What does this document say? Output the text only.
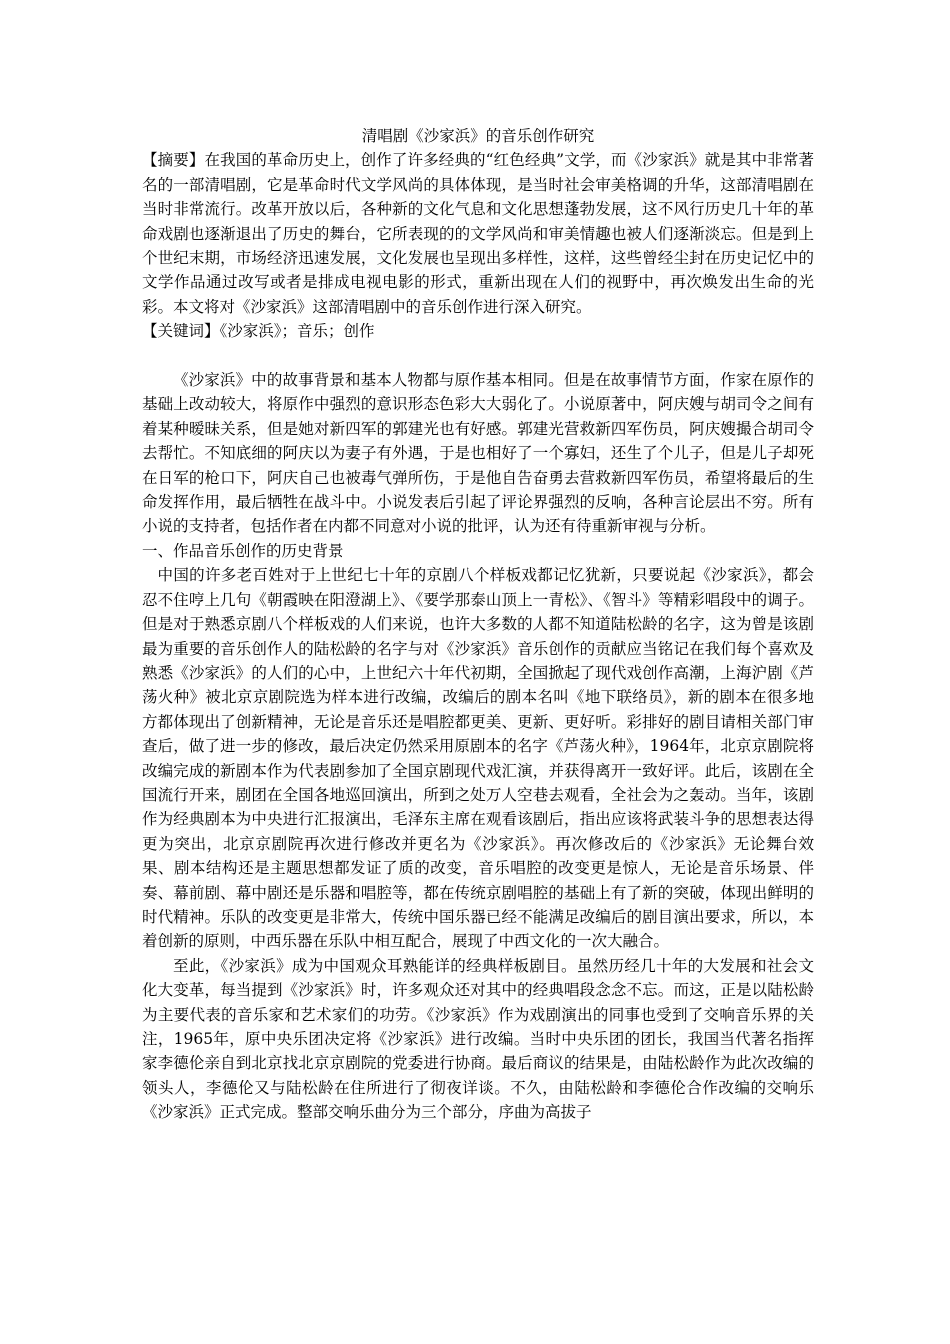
清唱剧《沙家浜》的音乐创作研究

【摘要】在我国的革命历史上，创作了许多经典的“红色经典”文学，而《沙家浜》就是其中非常著名的一部清唱剧，它是革命时代文学风尚的具体体现，是当时社会审美格调的升华，这部清唱剧在当时非常流行。改革开放以后，各种新的文化气息和文化思想蓬勃发展，这不风行历史几十年的革命戏剧也逐渐退出了历史的舞台，它所表现的的文学风尚和审美情趣也被人们逐渐淡忘。但是到上个世纪末期，市场经济迅速发展，文化发展也呈现出多样性，这样，这些曾经尘封在历史记忆中的文学作品通过改写或者是排成电视电影的形式，重新出现在人们的视野中，再次焕发出生命的光彩。本文将对《沙家浜》这部清唱剧中的音乐创作进行深入研究。

【关键词】《沙家浜》；音乐；创作

《沙家浜》中的故事背景和基本人物都与原作基本相同。但是在故事情节方面，作家在原作的基础上改动较大，将原作中强烈的意识形态色彩大大弱化了。小说原著中，阿庆嫂与胡司令之间有着某种暧昧关系，但是她对新四军的郭建光也有好感。郭建光营救新四军伤员，阿庆嫂撮合胡司令去帮忙。不知底细的阿庆以为妻子有外遇，于是也相好了一个寡妇，还生了个儿子，但是儿子却死在日军的枪口下，阿庆自己也被毒气弹所伤，于是他自告奋勇去营救新四军伤员，希望将最后的生命发挥作用，最后牺牲在战斗中。小说发表后引起了评论界强烈的反响，各种言论层出不穷。所有小说的支持者，包括作者在内都不同意对小说的批评，认为还有待重新审视与分析。

一、作品音乐创作的历史背景

中国的许多老百姓对于上世纪七十年的京剧八个样板戏都记忆犹新，只要说起《沙家浜》，都会忍不住哼上几句《朝霞映在阳澄湖上》、《要学那泰山顶上一青松》、《智斗》等精彩唱段中的调子。但是对于熟悉京剧八个样板戏的人们来说，也许大多数的人都不知道陆松龄的名字，这为曾是该剧最为重要的音乐创作人的陆松龄的名字与对《沙家浜》音乐创作的贡献应当铭记在我们每个喜欢及熟悉《沙家浜》的人们的心中，上世纪六十年代初期，全国掀起了现代戏创作高潮，上海沪剧《芦荡火种》被北京京剧院选为样本进行改编，改编后的剧本名叫《地下联络员》，新的剧本在很多地方都体现出了创新精神，无论是音乐还是唱腔都更美、更新、更好听。彩排好的剧目请相关部门审查后，做了进一步的修改，最后决定仍然采用原剧本的名字《芦荡火种》，1964年，北京京剧院将改编完成的新剧本作为代表剧参加了全国京剧现代戏汇演，并获得离开一致好评。此后，该剧在全国流行开来，剧团在全国各地巡回演出，所到之处万人空巷去观看，全社会为之轰动。当年，该剧作为经典剧本为中央进行汇报演出，毛泽东主席在观看该剧后，指出应该将武装斗争的思想表达得更为突出，北京京剧院再次进行修改并更名为《沙家浜》。再次修改后的《沙家浜》无论舞台效果、剧本结构还是主题思想都发证了质的改变，音乐唱腔的改变更是惊人，无论是音乐场景、伴奏、幕前剧、幕中剧还是乐器和唱腔等，都在传统京剧唱腔的基础上有了新的突破，体现出鲜明的时代精神。乐队的改变更是非常大，传统中国乐器已经不能满足改编后的剧目演出要求，所以，本着创新的原则，中西乐器在乐队中相互配合，展现了中西文化的一次大融合。

至此，《沙家浜》成为中国观众耳熟能详的经典样板剧目。虽然历经几十年的大发展和社会文化大变革，每当提到《沙家浜》时，许多观众还对其中的经典唱段念念不忘。而这，正是以陆松龄为主要代表的音乐家和艺术家们的功劳。《沙家浜》作为戏剧演出的同事也受到了交响音乐界的关注，1965年，原中央乐团决定将《沙家浜》进行改编。当时中央乐团的团长，我国当代著名指挥家李德伦亲自到北京找北京京剧院的党委进行协商。最后商议的结果是，由陆松龄作为此次改编的领头人，李德伦又与陆松龄在住所进行了彻夜详谈。不久，由陆松龄和李德伦合作改编的交响乐《沙家浜》正式完成。整部交响乐曲分为三个部分，序曲为高拔子
